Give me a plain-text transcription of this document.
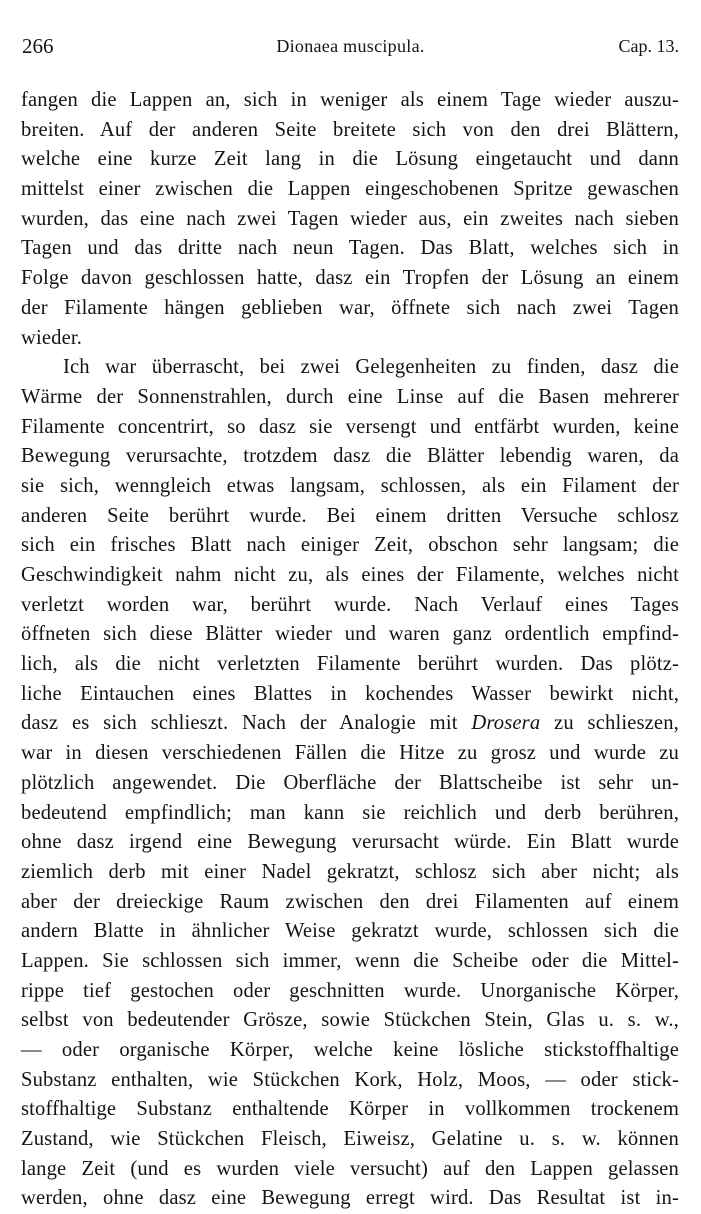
266	Dionaea muscipula.	Cap. 13.
fangen die Lappen an, sich in weniger als einem Tage wieder auszu-
breiten. Auf der anderen Seite breitete sich von den drei Blättern,
welche eine kurze Zeit lang in die Lösung eingetaucht und dann
mittelst einer zwischen die Lappen eingeschobenen Spritze gewaschen
wurden, das eine nach zwei Tagen wieder aus, ein zweites nach sieben
Tagen und das dritte nach neun Tagen. Das Blatt, welches sich in
Folge davon geschlossen hatte, dasz ein Tropfen der Lösung an einem
der Filamente hängen geblieben war, öffnete sich nach zwei Tagen
wieder.
Ich war überrascht, bei zwei Gelegenheiten zu finden, dasz die
Wärme der Sonnenstrahlen, durch eine Linse auf die Basen mehrerer
Filamente concentrirt, so dasz sie versengt und entfärbt wurden, keine
Bewegung verursachte, trotzdem dasz die Blätter lebendig waren, da
sie sich, wenngleich etwas langsam, schlossen, als ein Filament der
anderen Seite berührt wurde. Bei einem dritten Versuche schlosz
sich ein frisches Blatt nach einiger Zeit, obschon sehr langsam; die
Geschwindigkeit nahm nicht zu, als eines der Filamente, welches nicht
verletzt worden war, berührt wurde. Nach Verlauf eines Tages
öffneten sich diese Blätter wieder und waren ganz ordentlich empfind-
lich, als die nicht verletzten Filamente berührt wurden. Das plötz-
liche Eintauchen eines Blattes in kochendes Wasser bewirkt nicht,
dasz es sich schlieszt. Nach der Analogie mit Drosera zu schlieszen,
war in diesen verschiedenen Fällen die Hitze zu grosz und wurde zu
plötzlich angewendet. Die Oberfläche der Blattscheibe ist sehr un-
bedeutend empfindlich; man kann sie reichlich und derb berühren,
ohne dasz irgend eine Bewegung verursacht würde. Ein Blatt wurde
ziemlich derb mit einer Nadel gekratzt, schlosz sich aber nicht; als
aber der dreieckige Raum zwischen den drei Filamenten auf einem
andern Blatte in ähnlicher Weise gekratzt wurde, schlossen sich die
Lappen. Sie schlossen sich immer, wenn die Scheibe oder die Mittel-
rippe tief gestochen oder geschnitten wurde. Unorganische Körper,
selbst von bedeutender Grösze, sowie Stückchen Stein, Glas u. s. w.,
— oder organische Körper, welche keine lösliche stickstoffhaltige
Substanz enthalten, wie Stückchen Kork, Holz, Moos, — oder stick-
stoffhaltige Substanz enthaltende Körper in vollkommen trockenem
Zustand, wie Stückchen Fleisch, Eiweisz, Gelatine u. s. w. können
lange Zeit (und es wurden viele versucht) auf den Lappen gelassen
werden, ohne dasz eine Bewegung erregt wird. Das Resultat ist in-
